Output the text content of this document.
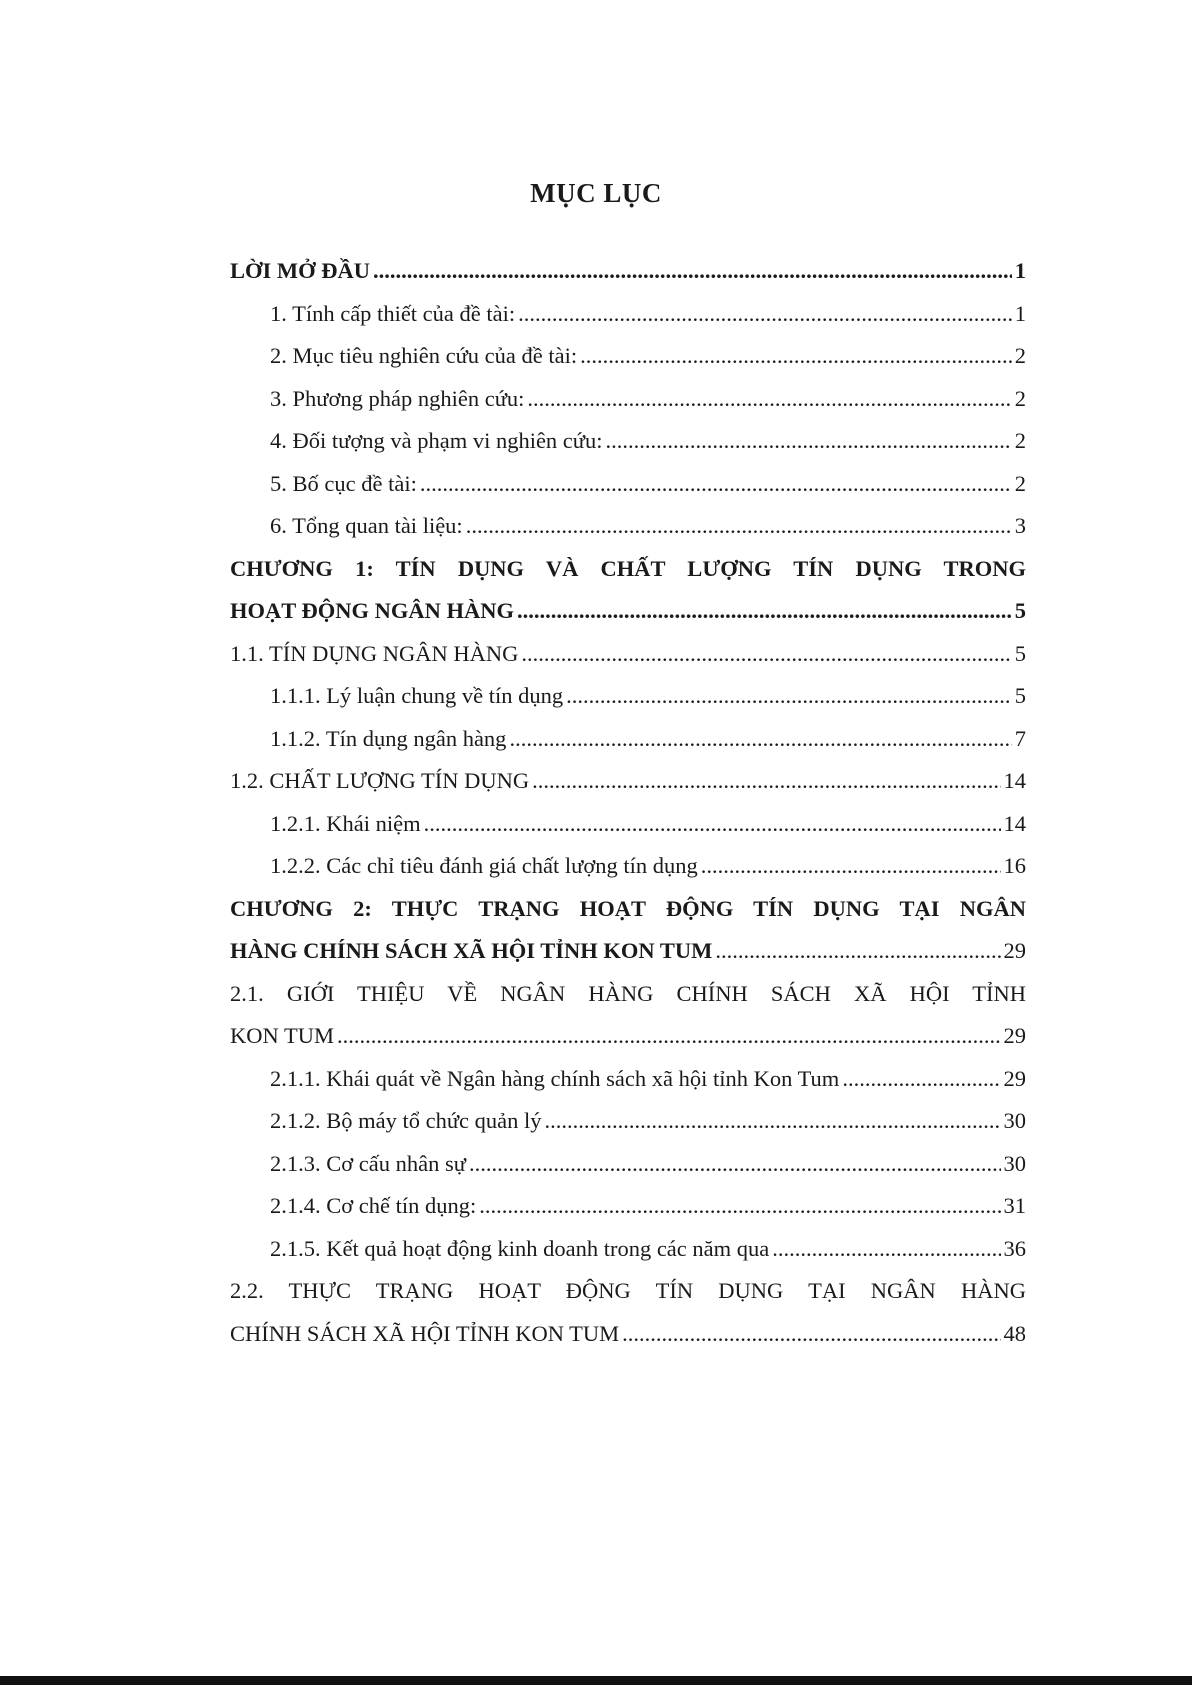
MỤC LỤC
LỜI MỞ ĐẦU .....	1
1. Tính cấp thiết của đề tài: .....	1
2. Mục tiêu nghiên cứu của đề tài: .....	2
3. Phương pháp nghiên cứu: .....	2
4. Đối tượng và phạm vi nghiên cứu: .....	2
5. Bố cục đề tài: .....	2
6. Tổng quan tài liệu: .....	3
CHƯƠNG 1: TÍN DỤNG VÀ CHẤT LƯỢNG TÍN DỤNG TRONG
HOẠT ĐỘNG NGÂN HÀNG .....	5
1.1. TÍN DỤNG NGÂN HÀNG .....	5
1.1.1. Lý luận chung về tín dụng .....	5
1.1.2. Tín dụng ngân hàng .....	7
1.2. CHẤT LƯỢNG TÍN DỤNG .....	14
1.2.1. Khái niệm .....	14
1.2.2. Các chỉ tiêu đánh giá chất lượng tín dụng .....	16
CHƯƠNG 2: THỰC TRẠNG HOẠT ĐỘNG TÍN DỤNG TẠI NGÂN
HÀNG CHÍNH SÁCH XÃ HỘI TỈNH KON TUM .....	29
2.1. GIỚI THIỆU VỀ NGÂN HÀNG CHÍNH SÁCH XÃ HỘI TỈNH
KON TUM .....	29
2.1.1. Khái quát về Ngân hàng chính sách xã hội tỉnh Kon Tum .....	29
2.1.2. Bộ máy tổ chức quản lý .....	30
2.1.3. Cơ cấu nhân sự .....	30
2.1.4. Cơ chế tín dụng: .....	31
2.1.5. Kết quả hoạt động kinh doanh trong các năm qua .....	36
2.2. THỰC TRẠNG HOẠT ĐỘNG TÍN DỤNG TẠI NGÂN HÀNG
CHÍNH SÁCH XÃ HỘI TỈNH KON TUM .....	48
